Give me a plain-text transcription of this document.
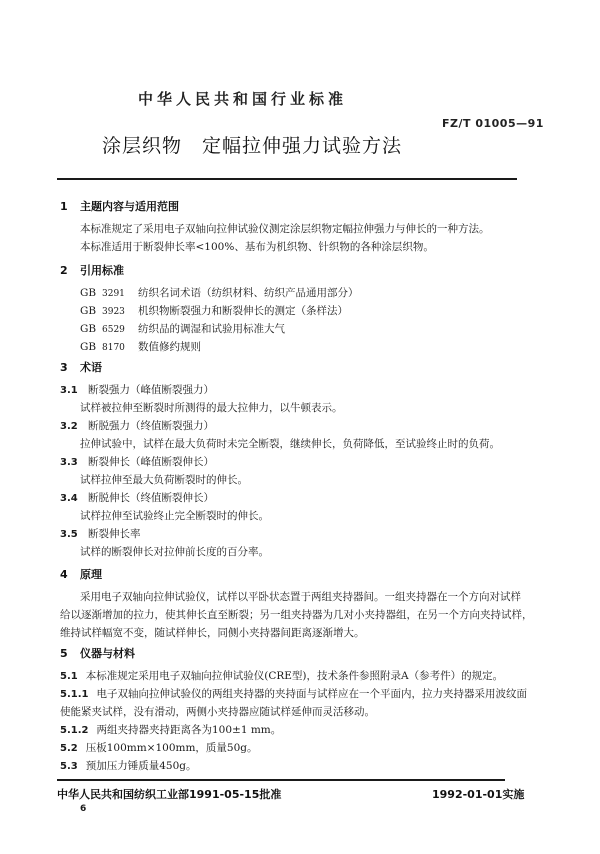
中华人民共和国行业标准
FZ/T 01005—91
涂层织物　定幅拉伸强力试验方法
1 主题内容与适用范围
本标准规定了采用电子双轴向拉伸试验仪测定涂层织物定幅拉伸强力与伸长的一种方法。
本标准适用于断裂伸长率<100%、基布为机织物、针织物的各种涂层织物。
2 引用标准
GB 3291 纺织名词术语（纺织材料、纺织产品通用部分）
GB 3923 机织物断裂强力和断裂伸长的测定（条样法）
GB 6529 纺织品的调湿和试验用标准大气
GB 8170 数值修约规则
3 术语
3.1 断裂强力（峰值断裂强力）
试样被拉伸至断裂时所测得的最大拉伸力，以牛顿表示。
3.2 断脱强力（终值断裂强力）
拉伸试验中，试样在最大负荷时未完全断裂，继续伸长，负荷降低，至试验终止时的负荷。
3.3 断裂伸长（峰值断裂伸长）
试样拉伸至最大负荷断裂时的伸长。
3.4 断脱伸长（终值断裂伸长）
试样拉伸至试验终止完全断裂时的伸长。
3.5 断裂伸长率
试样的断裂伸长对拉伸前长度的百分率。
4 原理
采用电子双轴向拉伸试验仪，试样以平卧状态置于两组夹持器间。一组夹持器在一个方向对试样
给以逐渐增加的拉力，使其伸长直至断裂；另一组夹持器为几对小夹持器组，在另一个方向夹持试样，
维持试样幅宽不变，随试样伸长，同侧小夹持器间距离逐渐增大。
5 仪器与材料
5.1 本标准规定采用电子双轴向拉伸试验仪(CRE型)，技术条件参照附录A（参考件）的规定。
5.1.1 电子双轴向拉伸试验仪的两组夹持器的夹持面与试样应在一个平面内，拉力夹持器采用波纹面
使能紧夹试样，没有滑动，两侧小夹持器应随试样延伸而灵活移动。
5.1.2 两组夹持器夹持距离各为100±1 mm。
5.2 压板100mm×100mm，质量50g。
5.3 预加压力锤质量450g。
中华人民共和国纺织工业部1991-05-15批准	1992-01-01实施
6
